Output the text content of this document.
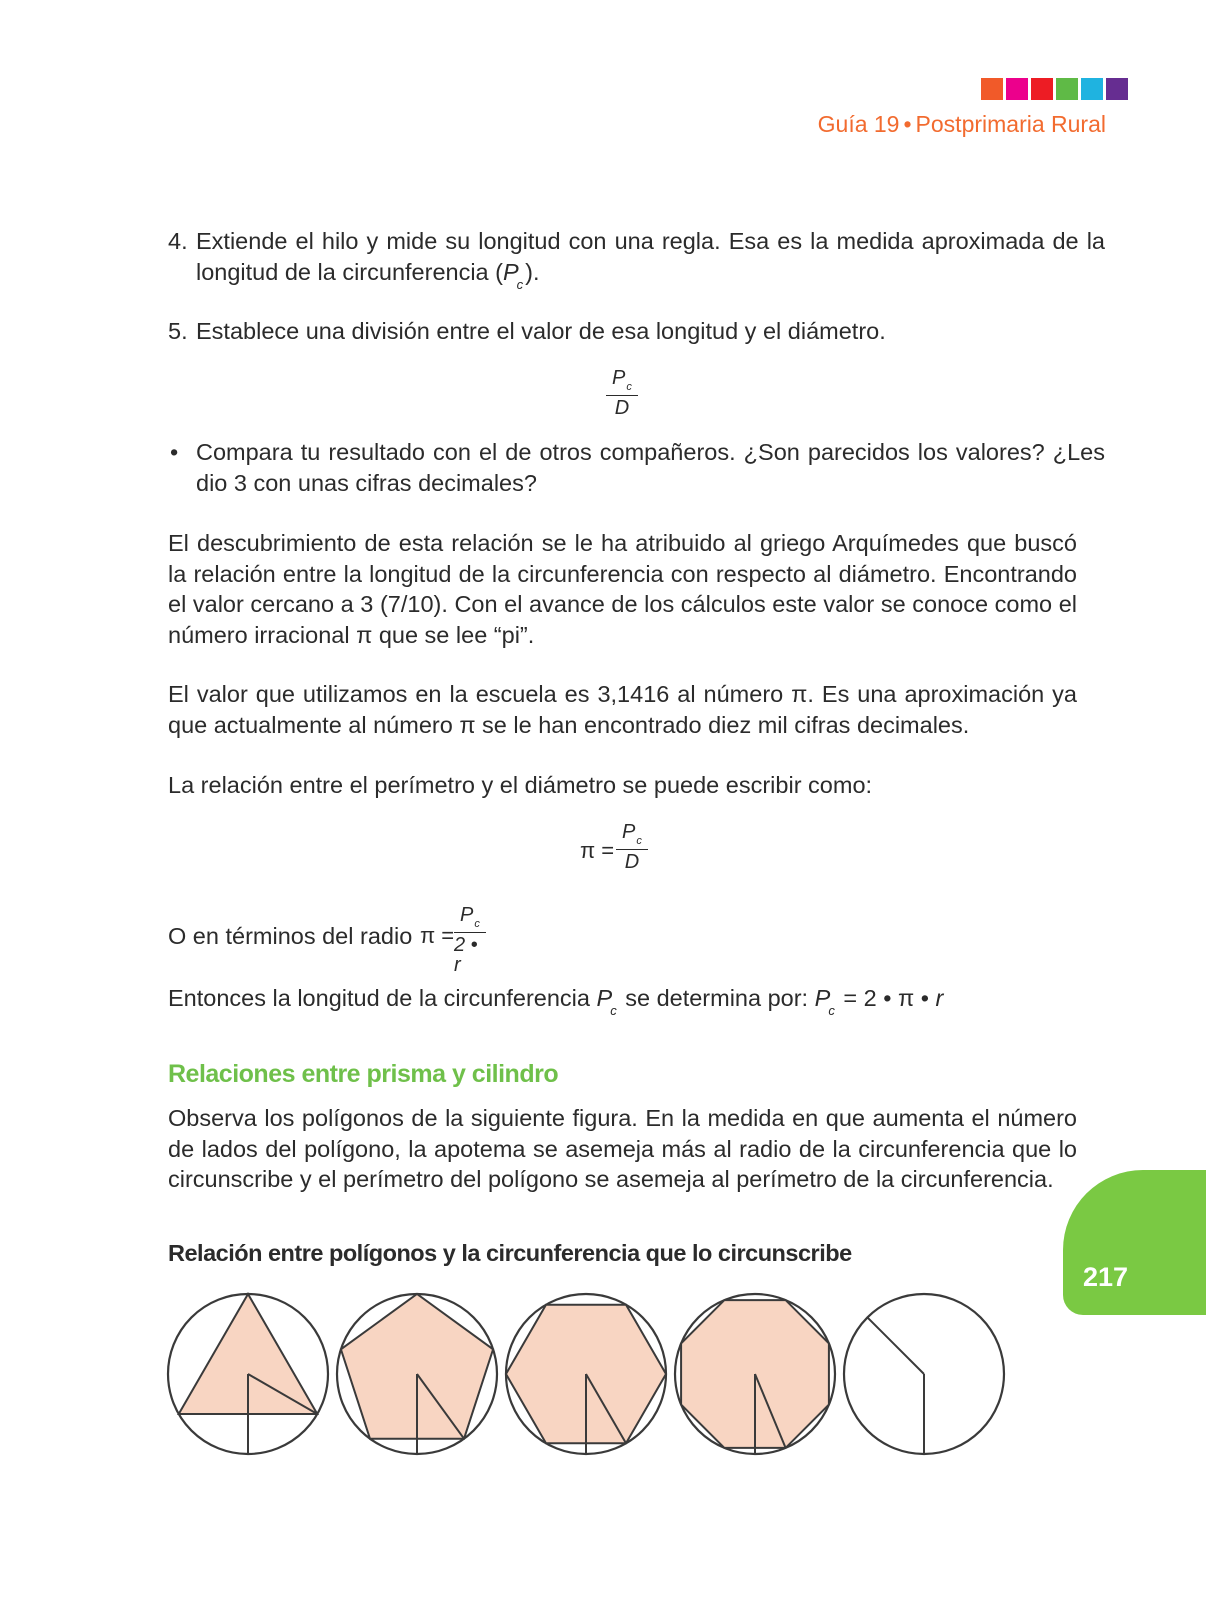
Guía 19 • Postprimaria Rural

4. Extiende el hilo y mide su longitud con una regla. Esa es la medida aproximada de la longitud de la circunferencia $(P_c)$.

5. Establece una división entre el valor de esa longitud y el diámetro.

$\frac{P_c}{D}$

• Compara tu resultado con el de otros compañeros. ¿Son parecidos los valores? ¿Les dio 3 con unas cifras decimales?

El descubrimiento de esta relación se le ha atribuido al griego Arquímedes que buscó la relación entre la longitud de la circunferencia con respecto al diámetro. Encontrando el valor cercano a 3 (7/10). Con el avance de los cálculos este valor se conoce como el número irracional π que se lee “pi”.

El valor que utilizamos en la escuela es 3,1416 al número π. Es una aproximación ya que actualmente al número π se le han encontrado diez mil cifras decimales.

La relación entre el perímetro y el diámetro se puede escribir como:

$\pi = \frac{P_c}{D}$

O en términos del radio $\pi = \frac{P_c}{2 • r}$

Entonces la longitud de la circunferencia $P_c$ se determina por: $P_c = 2$ • π • r

Relaciones entre prisma y cilindro

Observa los polígonos de la siguiente figura. En la medida en que aumenta el número de lados del polígono, la apotema se asemeja más al radio de la circunferencia que lo circunscribe y el perímetro del polígono se asemeja al perímetro de la circunferencia.

Relación entre polígonos y la circunferencia que lo circunscribe

217
